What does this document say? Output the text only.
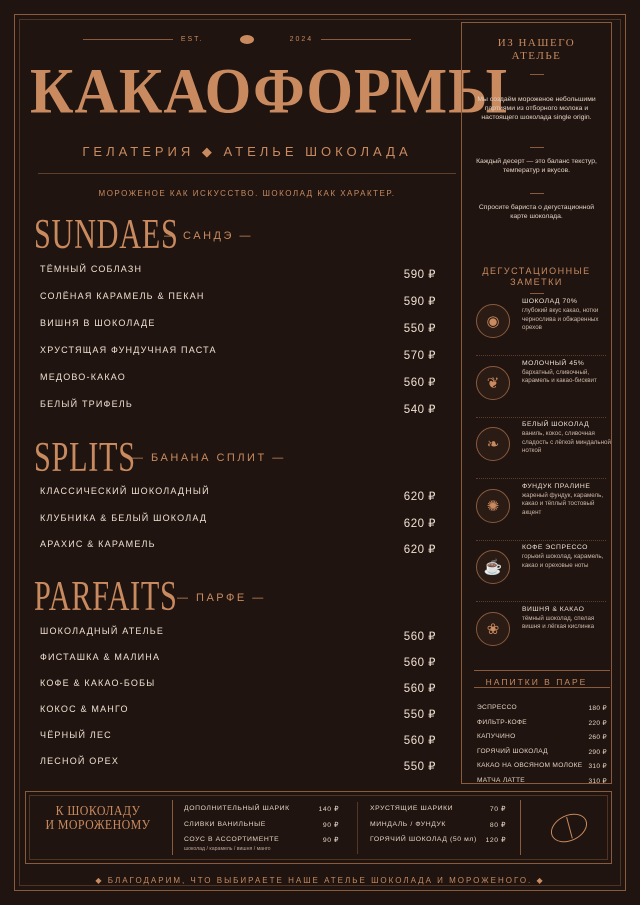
EST.	2024
КАКАОФОРМЫ
ГЕЛАТЕРИЯ ◆ АТЕЛЬЕ ШОКОЛАДА
МОРОЖЕНОЕ КАК ИСКУССТВО. ШОКОЛАД КАК ХАРАКТЕР.
SUNDAES
— САНДЭ —
ТЁМНЫЙ СОБЛАЗН	590 ₽
СОЛЁНАЯ КАРАМЕЛЬ & ПЕКАН	590 ₽
ВИШНЯ В ШОКОЛАДЕ	550 ₽
ХРУСТЯЩАЯ ФУНДУЧНАЯ ПАСТА	570 ₽
МЕДОВО-КАКАО	560 ₽
БЕЛЫЙ ТРИФЕЛЬ	540 ₽
SPLITS
— БАНАНА СПЛИТ —
КЛАССИЧЕСКИЙ ШОКОЛАДНЫЙ	620 ₽
КЛУБНИКА & БЕЛЫЙ ШОКОЛАД	620 ₽
АРАХИС & КАРАМЕЛЬ	620 ₽
PARFAITS — ПАРФЕ —
ШОКОЛАДНЫЙ АТЕЛЬЕ	560 ₽
ФИСТАШКА & МАЛИНА	560 ₽
КОФЕ & КАКАО-БОБЫ	560 ₽
КОКОС & МАНГО	550 ₽
ЧЁРНЫЙ ЛЕС	560 ₽
ЛЕСНОЙ ОРЕХ	550 ₽
ИЗ НАШЕГО
АТЕЛЬЕ
Мы создаём мороженое небольшими партиями из отборного молока и настоящего шоколада single origin.
Каждый десерт — это баланс текстур, температур и вкусов.
Спросите бариста о дегустационной карте шоколада.
ДЕГУСТАЦИОННЫЕ
ЗАМЕТКИ
◉
ШОКОЛАД 70%
глубокий вкус какао, нотки чернослива и обжаренных орехов
❦
МОЛОЧНЫЙ 45%
бархатный, сливочный, карамель и какао-бисквит
❧
БЕЛЫЙ ШОКОЛАД
ваниль, кокос, сливочная сладость с лёгкой миндальной ноткой
✺
ФУНДУК ПРАЛИНЕ
жареный фундук, карамель, какао и тёплый тостовый акцент
☕
КОФЕ ЭСПРЕССО
горький шоколад, карамель, какао и ореховые ноты
❀
ВИШНЯ & КАКАО
тёмный шоколад, спелая вишня и лёгкая кислинка
НАПИТКИ В ПАРЕ
ЭСПРЕССО	180 ₽
ФИЛЬТР-КОФЕ	220 ₽
КАПУЧИНО	260 ₽
ГОРЯЧИЙ ШОКОЛАД	290 ₽
КАКАО НА ОВСЯНОМ МОЛОКЕ 310 ₽
МАТЧА ЛАТТЕ	310 ₽
К ШОКОЛАДУ
И МОРОЖЕНОМУ
ДОПОЛНИТЕЛЬНЫЙ ШАРИК	140 ₽
СЛИВКИ ВАНИЛЬНЫЕ	90 ₽
СОУС В АССОРТИМЕНТЕ	90 ₽
шоколад / карамель / вишня / манго
ХРУСТЯЩИЕ ШАРИКИ	70 ₽
МИНДАЛЬ / ФУНДУК	80 ₽
ГОРЯЧИЙ ШОКОЛАД (50 мл) 120 ₽
◆ БЛАГОДАРИМ, ЧТО ВЫБИРАЕТЕ НАШЕ АТЕЛЬЕ ШОКОЛАДА И МОРОЖЕНОГО. ◆
